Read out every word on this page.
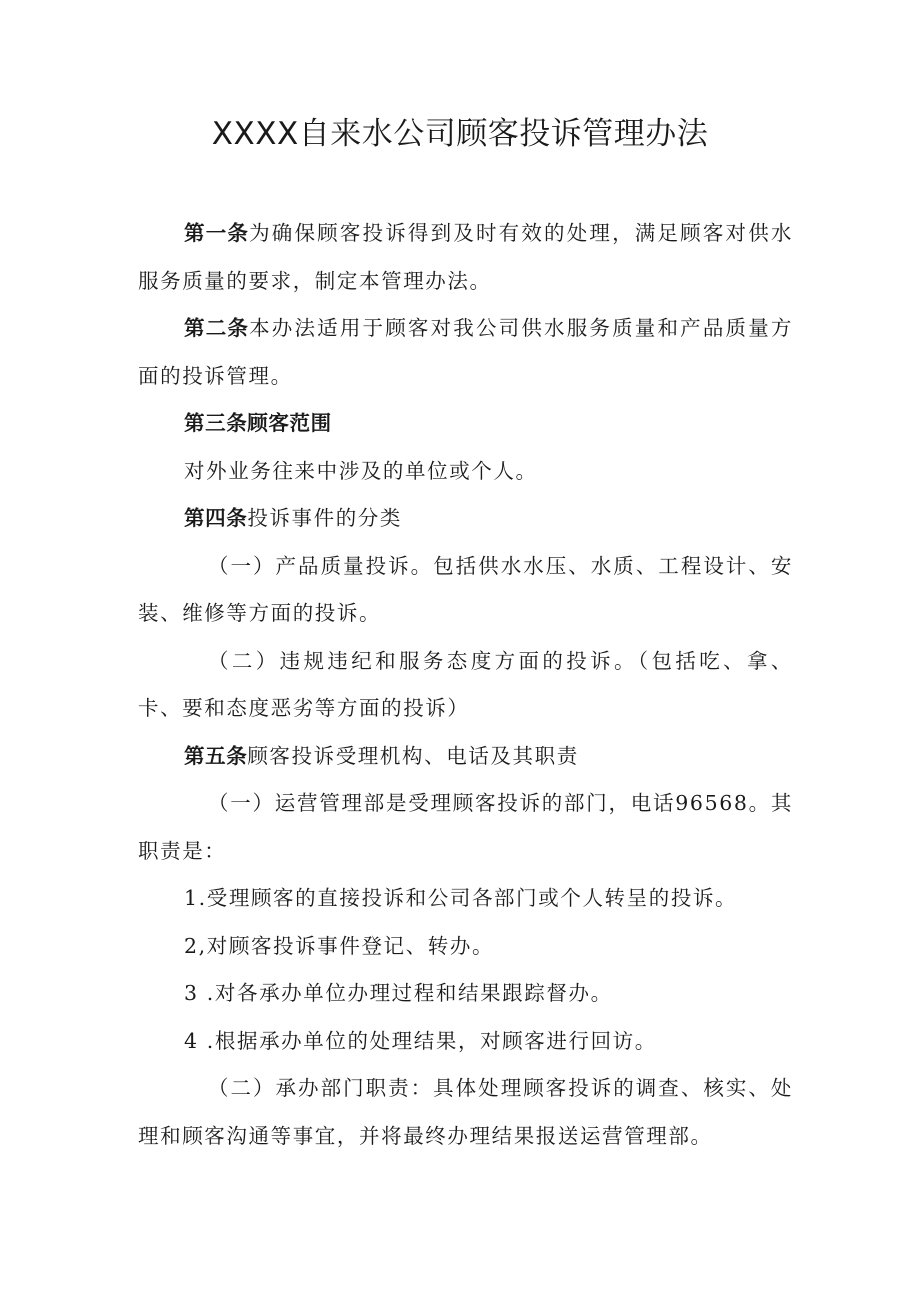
XXXX自来水公司顾客投诉管理办法

第一条为确保顾客投诉得到及时有效的处理，满足顾客对供水服务质量的要求，制定本管理办法。

第二条本办法适用于顾客对我公司供水服务质量和产品质量方面的投诉管理。

第三条顾客范围

对外业务往来中涉及的单位或个人。

第四条投诉事件的分类

（一）产品质量投诉。包括供水水压、水质、工程设计、安装、维修等方面的投诉。

（二）违规违纪和服务态度方面的投诉。（包括吃、拿、卡、要和态度恶劣等方面的投诉）

第五条顾客投诉受理机构、电话及其职责

（一）运营管理部是受理顾客投诉的部门，电话96568。其职责是：

1.受理顾客的直接投诉和公司各部门或个人转呈的投诉。

2,对顾客投诉事件登记、转办。

3 .对各承办单位办理过程和结果跟踪督办。

4 .根据承办单位的处理结果，对顾客进行回访。

（二）承办部门职责：具体处理顾客投诉的调查、核实、处理和顾客沟通等事宜，并将最终办理结果报送运营管理部。
